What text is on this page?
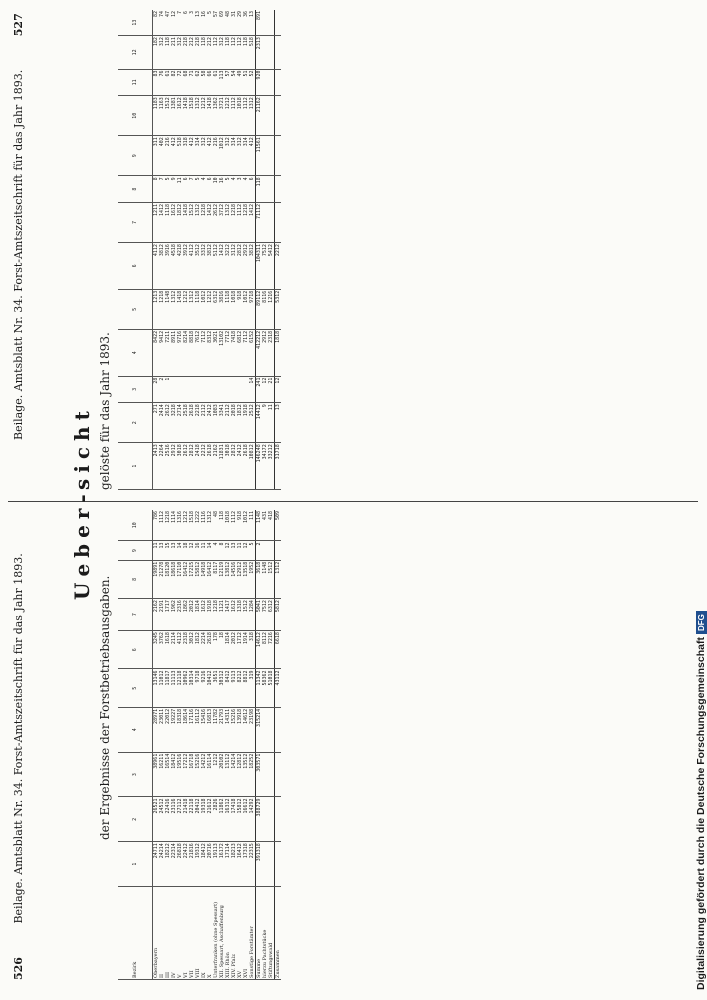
526 Beilage. Amtsblatt Nr. 34. Forst-Amtszeitschrift für das Jahr 1893.
Beilage. Amtsblatt Nr. 34. Forst-Amtszeitschrift für das Jahr 1893. 527
Ueber-
der Ergebnisse der Forstbetriebsausgaben.
sicht gelöste für das Jahr 1893.
Bezirk	1	2	3	4	5	6	7	8	9	10
Oberbayern	24711	26521	38961	28971	13146	3245	2162	19891	11	786
II	24214	24512	16211	23011	11012	3762	2191	21278	13	1112
III	18212	22416	16514	22012	11817	1618	1717	18120	15	1218
IV	22314	23116	18412	19227	11113	2114	1962	18618	13	1114
V	26818	27112	19516	18318	12118	4112	2316	17110	14	1316
VI	22412	21418	17212	18614	10962	2318	1862	16412	18	1212
VII	21816	22118	16718	17116	10314	3012	2012	17215	12	1518
VIII	19312	20412	15216	16112	9718	1812	1814	15812	16	1222
IX	18412	19318	14212	15416	9216	2214	1612	14918	11	1116
X	20716	21612	16114	16813	10412	2618	1918	16412	14	1312
Unterfranken (ohne Spessart)	19113	2826	1212	11782	3651	178	1218	8117	4	48
XII. Spessart, Aschaffenburg	16172	11862	20102	21793	30312	18	1121	12119	8	118
XIII. Rhön	17114	16312	13112	14311	8412	1814	1417	13812	12	1018
XIV. Pfalz	18213	17418	14214	15216	9113	2012	1612	14516	13	1112
XV	16412	15812	12812	13918	8212	1712	1318	12912	11	918
XVI	17318	16612	13512	14612	8812	1914	1512	13518	12	1012
Sonstige Forstämter	22315	14292	18252	23198	319	318	1284	1952	5	111
Summe	391318	388729	303571	315214	11342	14612	5041	3618	2	1148
hierzu Pachtstücke					58362	8112	7512	1148		431
Stiftungswald					51018	7216	6312	1512		418
Zusammen					43112	6618	5812	1312		509
1	2	3	4	5	6	7	8	9	10	11	12	13
2413	271	28	8422	1213	4112	1211	8	311	1183	83	182	82
2264	2414	2	9412	1218	3812	1412	7	402	1163	76	312	74
2516	2612	1	7211	1148	3916	1118	5	216	1512	61	118	47
2912	3218		8911	1312	4518	1612	9	412	1381	82	211	12
3018	2714		9716	1418	4218	1812	11	518	1612	72	312	7
2612	2518		8214	1212	3912	1418	6	318	1418	68	218	6
2812	2618		8818	1312	4112	1512	7	412	1518	71	212	3
2418	2218		7612	1118	3512	1312	5	314	1312	62	218	13
2212	2112		7112	1012	3312	1218	4	312	1212	58	118	16
2618	2412		8312	1212	3812	1412	6	412	1418	66	212	5
2162	1083		3021	6312	5112	2612	10	216	1362	61	112	57
11831	3341		13102	3816	1412	3712	16	1012	3721	113	312	69
3018	2112		7712	1118	3212	1312	5	312	1212	57	118	48
2812	2018		7418	1018	3112	1218	4	314	1112	54	112	31
2412	1812		6812	918	2812	1112	3	312	1018	49	112	29
2618	1918		7112	1012	2912	1218	4	314	1112	51	118	36
10812	2512	14	6152	9718	3812	1412	6	412	1312	52	518	13
146248	14412	241	412212	89112	104311	71112	118	11561	21162	920	2313	891
34172	9	12	2912	8116	7512							
33212	11	21	2318	1216	5412							
31718	13	12	1818	5312	2212							
Digitalisierung gefördert durch die Deutsche ForschungsgemeinschaftDFG
